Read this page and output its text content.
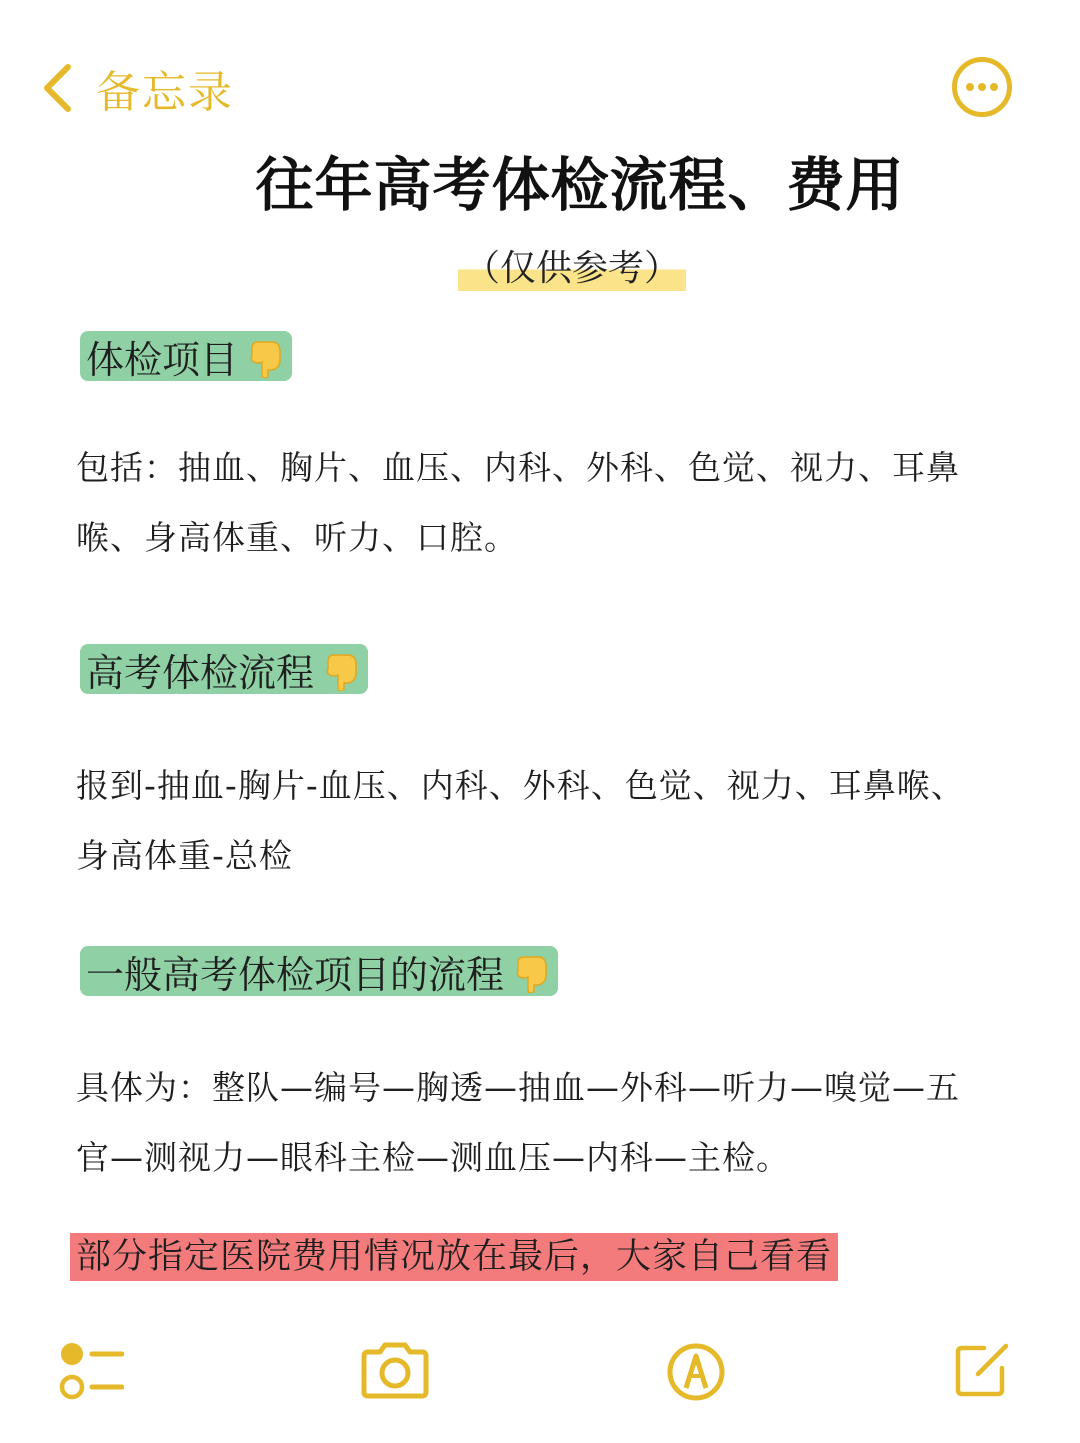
备忘录
往年高考体检流程、费用
（仅供参考）
体检项目
包括：抽血、胸片、血压、内科、外科、色觉、视力、耳鼻喉、身高体重、听力、口腔。
高考体检流程
报到-抽血-胸片-血压、内科、外科、色觉、视力、耳鼻喉、身高体重-总检
一般高考体检项目的流程
具体为：整队—编号—胸透—抽血—外科—听力—嗅觉—五官—测视力—眼科主检—测血压—内科—主检。
部分指定医院费用情况放在最后，大家自己看看
